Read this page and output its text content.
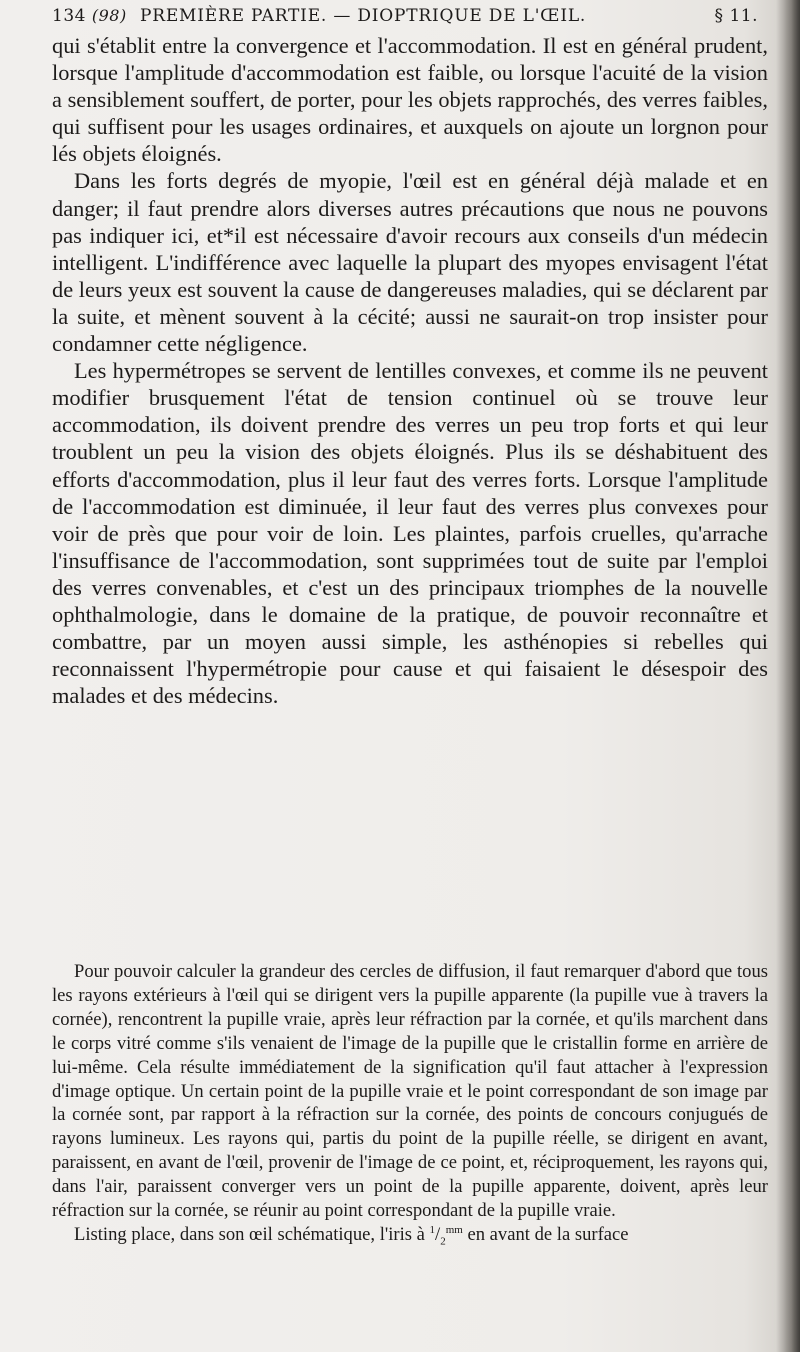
134 (98) PREMIÈRE PARTIE. — DIOPTRIQUE DE L'ŒIL.	§ 11.

qui s'établit entre la convergence et l'accommodation. Il est en général prudent, lorsque l'amplitude d'accommodation est faible, ou lorsque l'acuité de la vision a sensiblement souffert, de porter, pour les objets rapprochés, des verres faibles, qui suffisent pour les usages ordinaires, et auxquels on ajoute un lorgnon pour lés objets éloignés.

Dans les forts degrés de myopie, l'œil est en général déjà malade et en danger; il faut prendre alors diverses autres précautions que nous ne pouvons pas indiquer ici, et*il est nécessaire d'avoir recours aux conseils d'un médecin intelligent. L'indifférence avec laquelle la plupart des myopes envisagent l'état de leurs yeux est souvent la cause de dangereuses maladies, qui se déclarent par la suite, et mènent souvent à la cécité; aussi ne saurait-on trop insister pour condamner cette négligence.

Les hypermétropes se servent de lentilles convexes, et comme ils ne peuvent modifier brusquement l'état de tension continuel où se trouve leur accommodation, ils doivent prendre des verres un peu trop forts et qui leur troublent un peu la vision des objets éloignés. Plus ils se déshabituent des efforts d'accommodation, plus il leur faut des verres forts. Lorsque l'amplitude de l'accommodation est diminuée, il leur faut des verres plus convexes pour voir de près que pour voir de loin. Les plaintes, parfois cruelles, qu'arrache l'insuffisance de l'accommodation, sont supprimées tout de suite par l'emploi des verres convenables, et c'est un des principaux triomphes de la nouvelle ophthalmologie, dans le domaine de la pratique, de pouvoir reconnaître et combattre, par un moyen aussi simple, les asthénopies si rebelles qui reconnaissent l'hypermétropie pour cause et qui faisaient le désespoir des malades et des médecins.

Pour pouvoir calculer la grandeur des cercles de diffusion, il faut remarquer d'abord que tous les rayons extérieurs à l'œil qui se dirigent vers la pupille apparente (la pupille vue à travers la cornée), rencontrent la pupille vraie, après leur réfraction par la cornée, et qu'ils marchent dans le corps vitré comme s'ils venaient de l'image de la pupille que le cristallin forme en arrière de lui-même. Cela résulte immédiatement de la signification qu'il faut attacher à l'expression d'image optique. Un certain point de la pupille vraie et le point correspondant de son image par la cornée sont, par rapport à la réfraction sur la cornée, des points de concours conjugués de rayons lumineux. Les rayons qui, partis du point de la pupille réelle, se dirigent en avant, paraissent, en avant de l'œil, provenir de l'image de ce point, et, réciproquement, les rayons qui, dans l'air, paraissent converger vers un point de la pupille apparente, doivent, après leur réfraction sur la cornée, se réunir au point correspondant de la pupille vraie.

Listing place, dans son œil schématique, l'iris à $^1/_2^{mm}$ en avant de la surface
